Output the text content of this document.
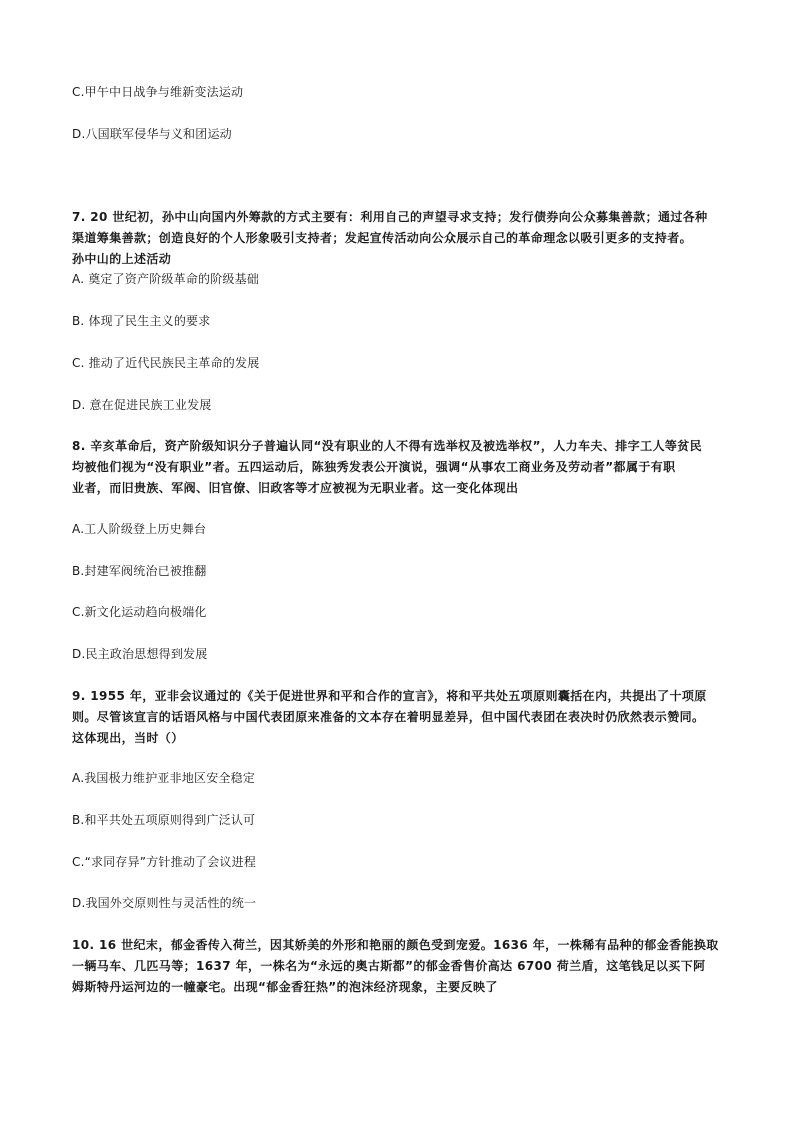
C.甲午中日战争与维新变法运动
D.八国联军侵华与义和团运动
7. 20 世纪初，孙中山向国内外筹款的方式主要有：利用自己的声望寻求支持；发行债券向公众募集善款；通过各种
渠道筹集善款；创造良好的个人形象吸引支持者；发起宣传活动向公众展示自己的革命理念以吸引更多的支持者。
孙中山的上述活动
A. 奠定了资产阶级革命的阶级基础
B. 体现了民生主义的要求
C. 推动了近代民族民主革命的发展
D. 意在促进民族工业发展
8. 辛亥革命后，资产阶级知识分子普遍认同“没有职业的人不得有选举权及被选举权”，人力车夫、排字工人等贫民
均被他们视为“没有职业”者。五四运动后，陈独秀发表公开演说，强调“从事农工商业务及劳动者”都属于有职
业者，而旧贵族、军阀、旧官僚、旧政客等才应被视为无职业者。这一变化体现出
A.工人阶级登上历史舞台
B.封建军阀统治已被推翻
C.新文化运动趋向极端化
D.民主政治思想得到发展
9. 1955 年，亚非会议通过的《关于促进世界和平和合作的宣言》，将和平共处五项原则囊括在内，共提出了十项原
则。尽管该宣言的话语风格与中国代表团原来准备的文本存在着明显差异，但中国代表团在表决时仍欣然表示赞同。
这体现出，当时（）
A.我国极力维护亚非地区安全稳定
B.和平共处五项原则得到广泛认可
C.“求同存异”方针推动了会议进程
D.我国外交原则性与灵活性的统一
10. 16 世纪末，郁金香传入荷兰，因其娇美的外形和艳丽的颜色受到宠爱。1636 年，一株稀有品种的郁金香能换取
一辆马车、几匹马等；1637 年，一株名为“永远的奥古斯都”的郁金香售价高达 6700 荷兰盾，这笔钱足以买下阿
姆斯特丹运河边的一幢豪宅。出现“郁金香狂热”的泡沫经济现象，主要反映了
